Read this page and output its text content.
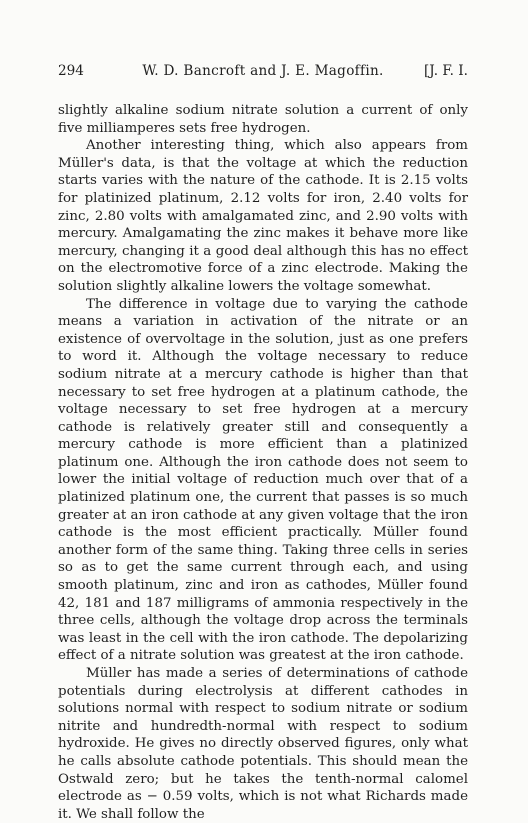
294	W. D. Bancroft and J. E. Magoffin.	[J. F. I.

slightly alkaline sodium nitrate solution a current of only five milliamperes sets free hydrogen.

Another interesting thing, which also appears from Müller's data, is that the voltage at which the reduction starts varies with the nature of the cathode. It is 2.15 volts for platinized platinum, 2.12 volts for iron, 2.40 volts for zinc, 2.80 volts with amalgamated zinc, and 2.90 volts with mercury. Amalgamating the zinc makes it behave more like mercury, changing it a good deal although this has no effect on the electromotive force of a zinc electrode. Making the solution slightly alkaline lowers the voltage somewhat.

The difference in voltage due to varying the cathode means a variation in activation of the nitrate or an existence of overvoltage in the solution, just as one prefers to word it. Although the voltage necessary to reduce sodium nitrate at a mercury cathode is higher than that necessary to set free hydrogen at a platinum cathode, the voltage necessary to set free hydrogen at a mercury cathode is relatively greater still and consequently a mercury cathode is more efficient than a platinized platinum one. Although the iron cathode does not seem to lower the initial voltage of reduction much over that of a platinized platinum one, the current that passes is so much greater at an iron cathode at any given voltage that the iron cathode is the most efficient practically. Müller found another form of the same thing. Taking three cells in series so as to get the same current through each, and using smooth platinum, zinc and iron as cathodes, Müller found 42, 181 and 187 milligrams of ammonia respectively in the three cells, although the voltage drop across the terminals was least in the cell with the iron cathode. The depolarizing effect of a nitrate solution was greatest at the iron cathode.

Müller has made a series of determinations of cathode potentials during electrolysis at different cathodes in solutions normal with respect to sodium nitrate or sodium nitrite and hundredth-normal with respect to sodium hydroxide. He gives no directly observed figures, only what he calls absolute cathode potentials. This should mean the Ostwald zero; but he takes the tenth-normal calomel electrode as − 0.59 volts, which is not what Richards made it. We shall follow the
